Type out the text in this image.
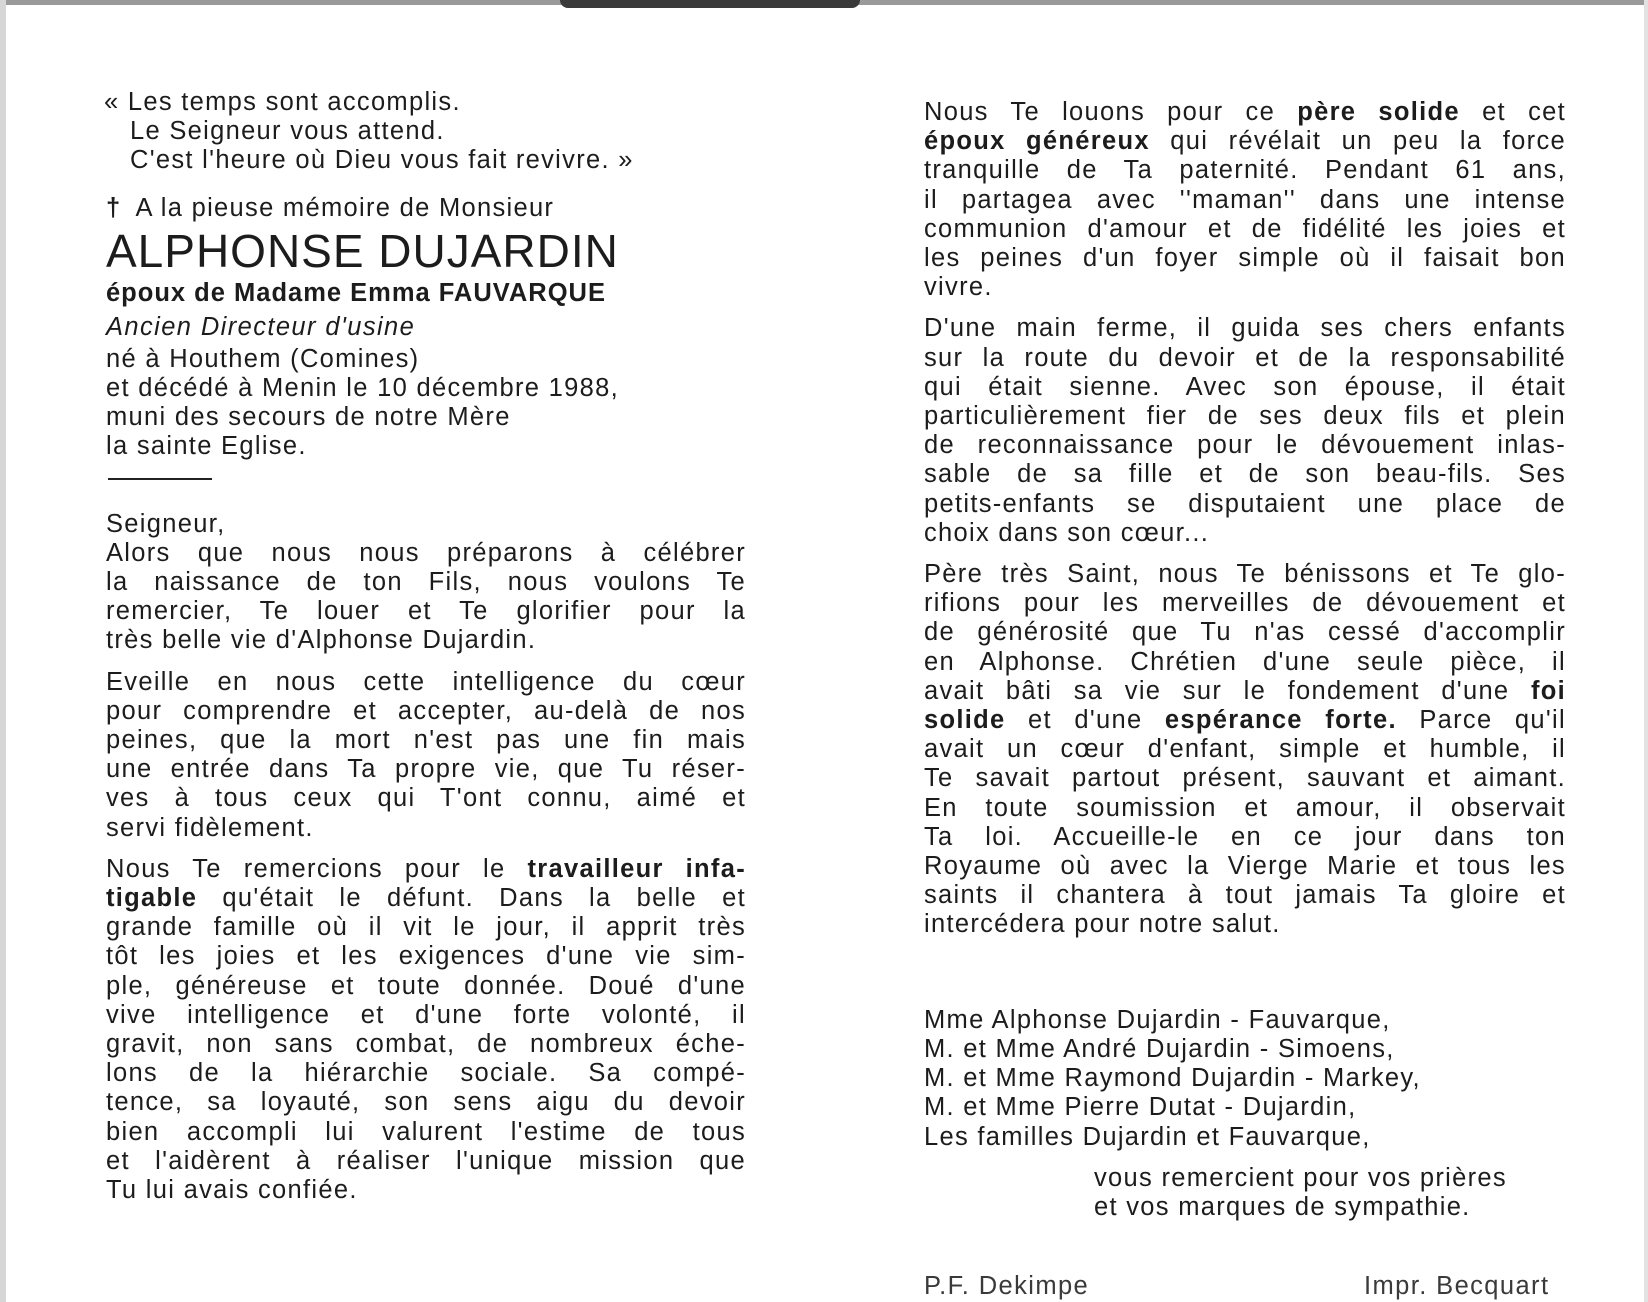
« Les temps sont accomplis.
Le Seigneur vous attend.
C'est l'heure où Dieu vous fait revivre. »
† A la pieuse mémoire de Monsieur
ALPHONSE DUJARDIN
époux de Madame Emma FAUVARQUE
Ancien Directeur d'usine
né à Houthem (Comines)
et décédé à Menin le 10 décembre 1988,
muni des secours de notre Mère
la sainte Eglise.
Seigneur,
Alors que nous nous préparons à célébrer
la naissance de ton Fils, nous voulons Te
remercier, Te louer et Te glorifier pour la
très belle vie d'Alphonse Dujardin.
Eveille en nous cette intelligence du cœur
pour comprendre et accepter, au-delà de nos
peines, que la mort n'est pas une fin mais
une entrée dans Ta propre vie, que Tu réser-
ves à tous ceux qui T'ont connu, aimé et
servi fidèlement.
Nous Te remercions pour le travailleur infa-
tigable qu'était le défunt. Dans la belle et
grande famille où il vit le jour, il apprit très
tôt les joies et les exigences d'une vie sim-
ple, généreuse et toute donnée. Doué d'une
vive intelligence et d'une forte volonté, il
gravit, non sans combat, de nombreux éche-
lons de la hiérarchie sociale. Sa compé-
tence, sa loyauté, son sens aigu du devoir
bien accompli lui valurent l'estime de tous
et l'aidèrent à réaliser l'unique mission que
Tu lui avais confiée.
Nous Te louons pour ce père solide et cet
époux généreux qui révélait un peu la force
tranquille de Ta paternité. Pendant 61 ans,
il partagea avec ''maman'' dans une intense
communion d'amour et de fidélité les joies et
les peines d'un foyer simple où il faisait bon
vivre.
D'une main ferme, il guida ses chers enfants
sur la route du devoir et de la responsabilité
qui était sienne. Avec son épouse, il était
particulièrement fier de ses deux fils et plein
de reconnaissance pour le dévouement inlas-
sable de sa fille et de son beau-fils. Ses
petits-enfants se disputaient une place de
choix dans son cœur...
Père très Saint, nous Te bénissons et Te glo-
rifions pour les merveilles de dévouement et
de générosité que Tu n'as cessé d'accomplir
en Alphonse. Chrétien d'une seule pièce, il
avait bâti sa vie sur le fondement d'une foi
solide et d'une espérance forte. Parce qu'il
avait un cœur d'enfant, simple et humble, il
Te savait partout présent, sauvant et aimant.
En toute soumission et amour, il observait
Ta loi. Accueille-le en ce jour dans ton
Royaume où avec la Vierge Marie et tous les
saints il chantera à tout jamais Ta gloire et
intercédera pour notre salut.
Mme Alphonse Dujardin - Fauvarque,
M. et Mme André Dujardin - Simoens,
M. et Mme Raymond Dujardin - Markey,
M. et Mme Pierre Dutat - Dujardin,
Les familles Dujardin et Fauvarque,
vous remercient pour vos prières
et vos marques de sympathie.
P.F. Dekimpe	Impr. Becquart
